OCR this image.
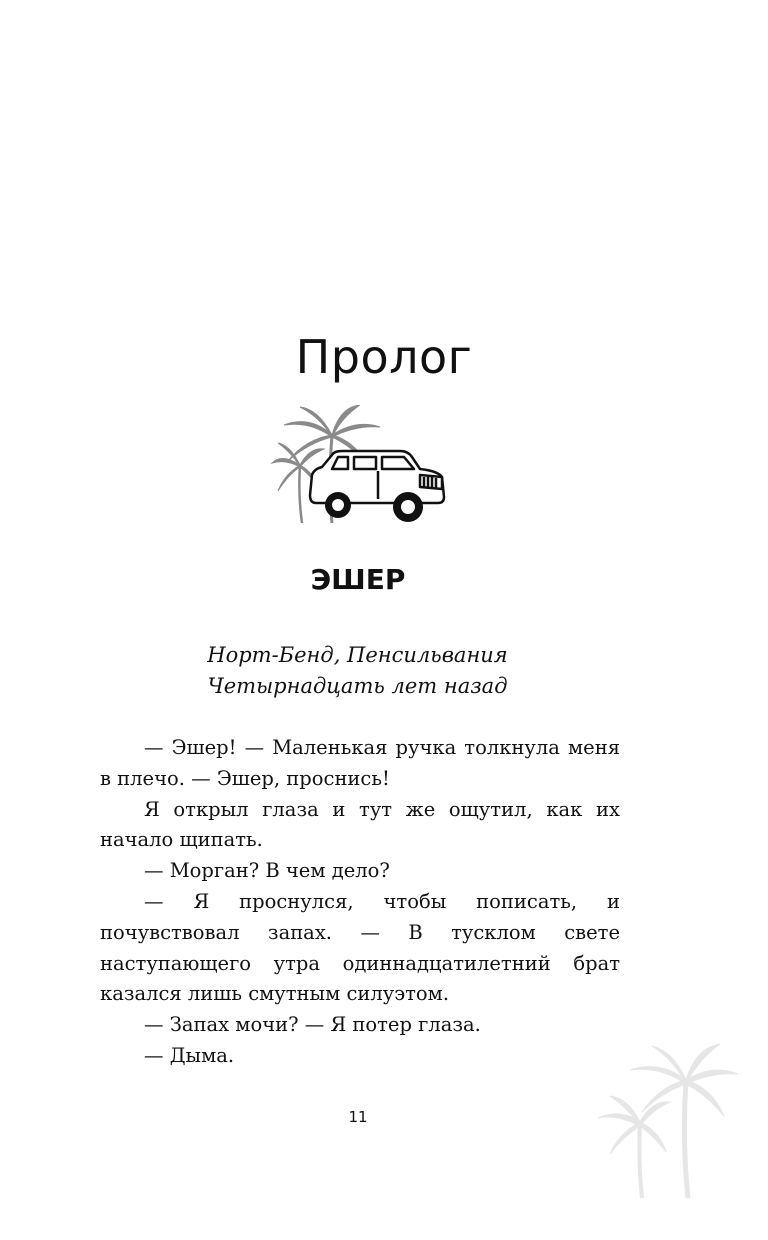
Пролог
ЭШЕР
Норт-Бенд, Пенсильвания
Четырнадцать лет назад

— Эшер! — Маленькая ручка толкнула меня в плечо. — Эшер, проснись!

Я открыл глаза и тут же ощутил, как их начало щипать.

— Морган? В чем дело?

— Я проснулся, чтобы пописать, и почувствовал запах. — В тусклом свете наступающего утра одиннадцатилетний брат казался лишь смутным силуэтом.

— Запах мочи? — Я потер глаза.

— Дыма.

11
